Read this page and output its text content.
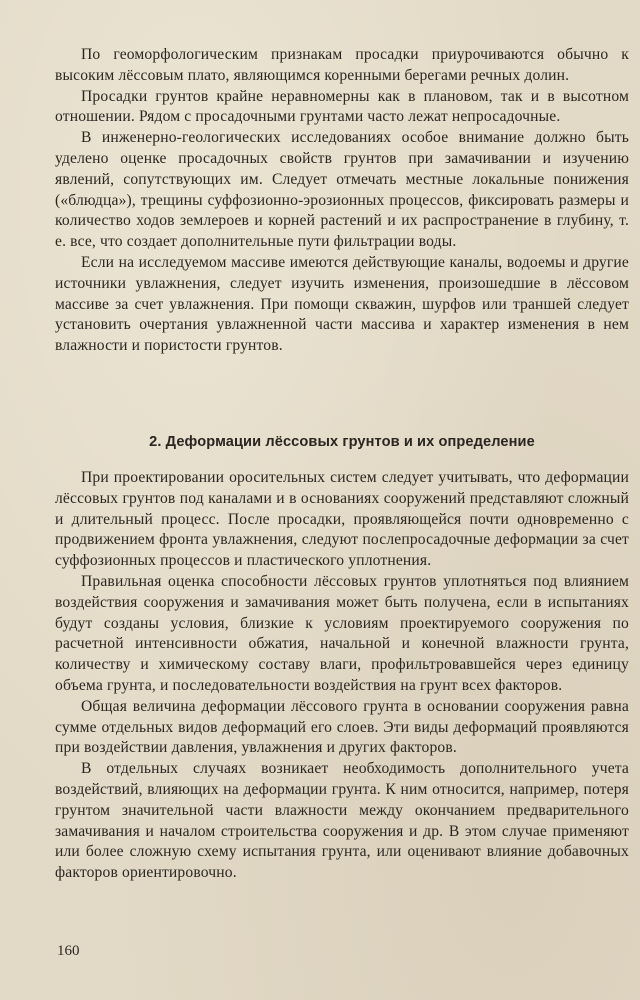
По геоморфологическим признакам просадки приурочиваются обычно к высоким лёссовым плато, являющимся коренными берегами речных долин.

Просадки грунтов крайне неравномерны как в плановом, так и в высотном отношении. Рядом с просадочными грунтами часто лежат непросадочные.

В инженерно-геологических исследованиях особое внимание должно быть уделено оценке просадочных свойств грунтов при замачивании и изучению явлений, сопутствующих им. Следует отмечать местные локальные понижения («блюдца»), трещины суффозионно-эрозионных процессов, фиксировать размеры и количество ходов землероев и корней растений и их распространение в глубину, т. е. все, что создает дополнительные пути фильтрации воды.

Если на исследуемом массиве имеются действующие каналы, водоемы и другие источники увлажнения, следует изучить изменения, произошедшие в лёссовом массиве за счет увлажнения. При помощи скважин, шурфов или траншей следует установить очертания увлажненной части массива и характер изменения в нем влажности и пористости грунтов.

2. Деформации лёссовых грунтов и их определение

При проектировании оросительных систем следует учитывать, что деформации лёссовых грунтов под каналами и в основаниях сооружений представляют сложный и длительный процесс. После просадки, проявляющейся почти одновременно с продвижением фронта увлажнения, следуют послепросадочные деформации за счет суффозионных процессов и пластического уплотнения.

Правильная оценка способности лёссовых грунтов уплотняться под влиянием воздействия сооружения и замачивания может быть получена, если в испытаниях будут созданы условия, близкие к условиям проектируемого сооружения по расчетной интенсивности обжатия, начальной и конечной влажности грунта, количеству и химическому составу влаги, профильтровавшейся через единицу объема грунта, и последовательности воздействия на грунт всех факторов.

Общая величина деформации лёссового грунта в основании сооружения равна сумме отдельных видов деформаций его слоев. Эти виды деформаций проявляются при воздействии давления, увлажнения и других факторов.

В отдельных случаях возникает необходимость дополнительного учета воздействий, влияющих на деформации грунта. К ним относится, например, потеря грунтом значительной части влажности между окончанием предварительного замачивания и началом строительства сооружения и др. В этом случае применяют или более сложную схему испытания грунта, или оценивают влияние добавочных факторов ориентировочно.

160
